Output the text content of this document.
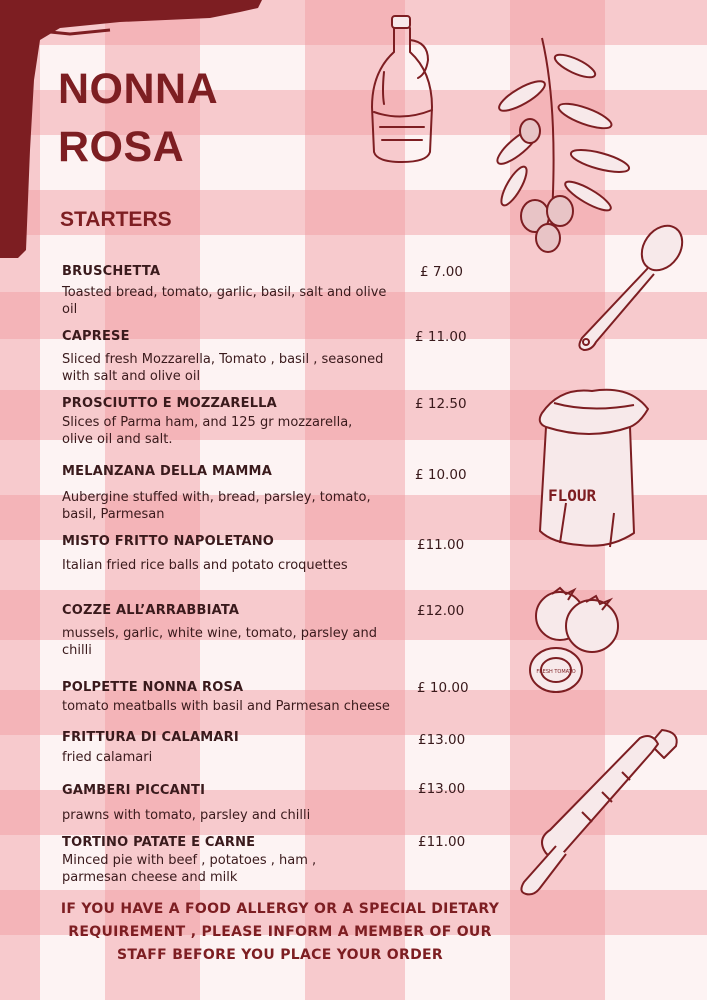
NONNA
ROSA
STARTERS
BRUSCHETTA
Toasted bread, tomato, garlic, basil, salt and olive oil
£ 7.00
CAPRESE
Sliced fresh Mozzarella, Tomato , basil , seasoned with salt and olive oil
£ 11.00
PROSCIUTTO E MOZZARELLA
Slices of Parma ham, and 125 gr mozzarella, olive oil and salt.
£ 12.50
MELANZANA DELLA MAMMA
Aubergine stuffed with, bread, parsley, tomato, basil, Parmesan
£ 10.00
MISTO FRITTO NAPOLETANO
Italian fried rice balls and potato croquettes
£11.00
COZZE ALL’ARRABBIATA
mussels, garlic, white wine, tomato, parsley and chilli
£12.00
POLPETTE NONNA ROSA
tomato meatballs with basil and Parmesan cheese
£ 10.00
FRITTURA DI CALAMARI
fried calamari
£13.00
GAMBERI PICCANTI
prawns with tomato, parsley and chilli
£13.00
TORTINO PATATE E CARNE
Minced pie with beef , potatoes , ham , parmesan cheese and milk
£11.00
IF YOU HAVE A FOOD ALLERGY OR A SPECIAL DIETARY
REQUIREMENT , PLEASE INFORM A MEMBER OF OUR
STAFF BEFORE YOU PLACE YOUR ORDER
FLOUR
FRESH TOMATO
